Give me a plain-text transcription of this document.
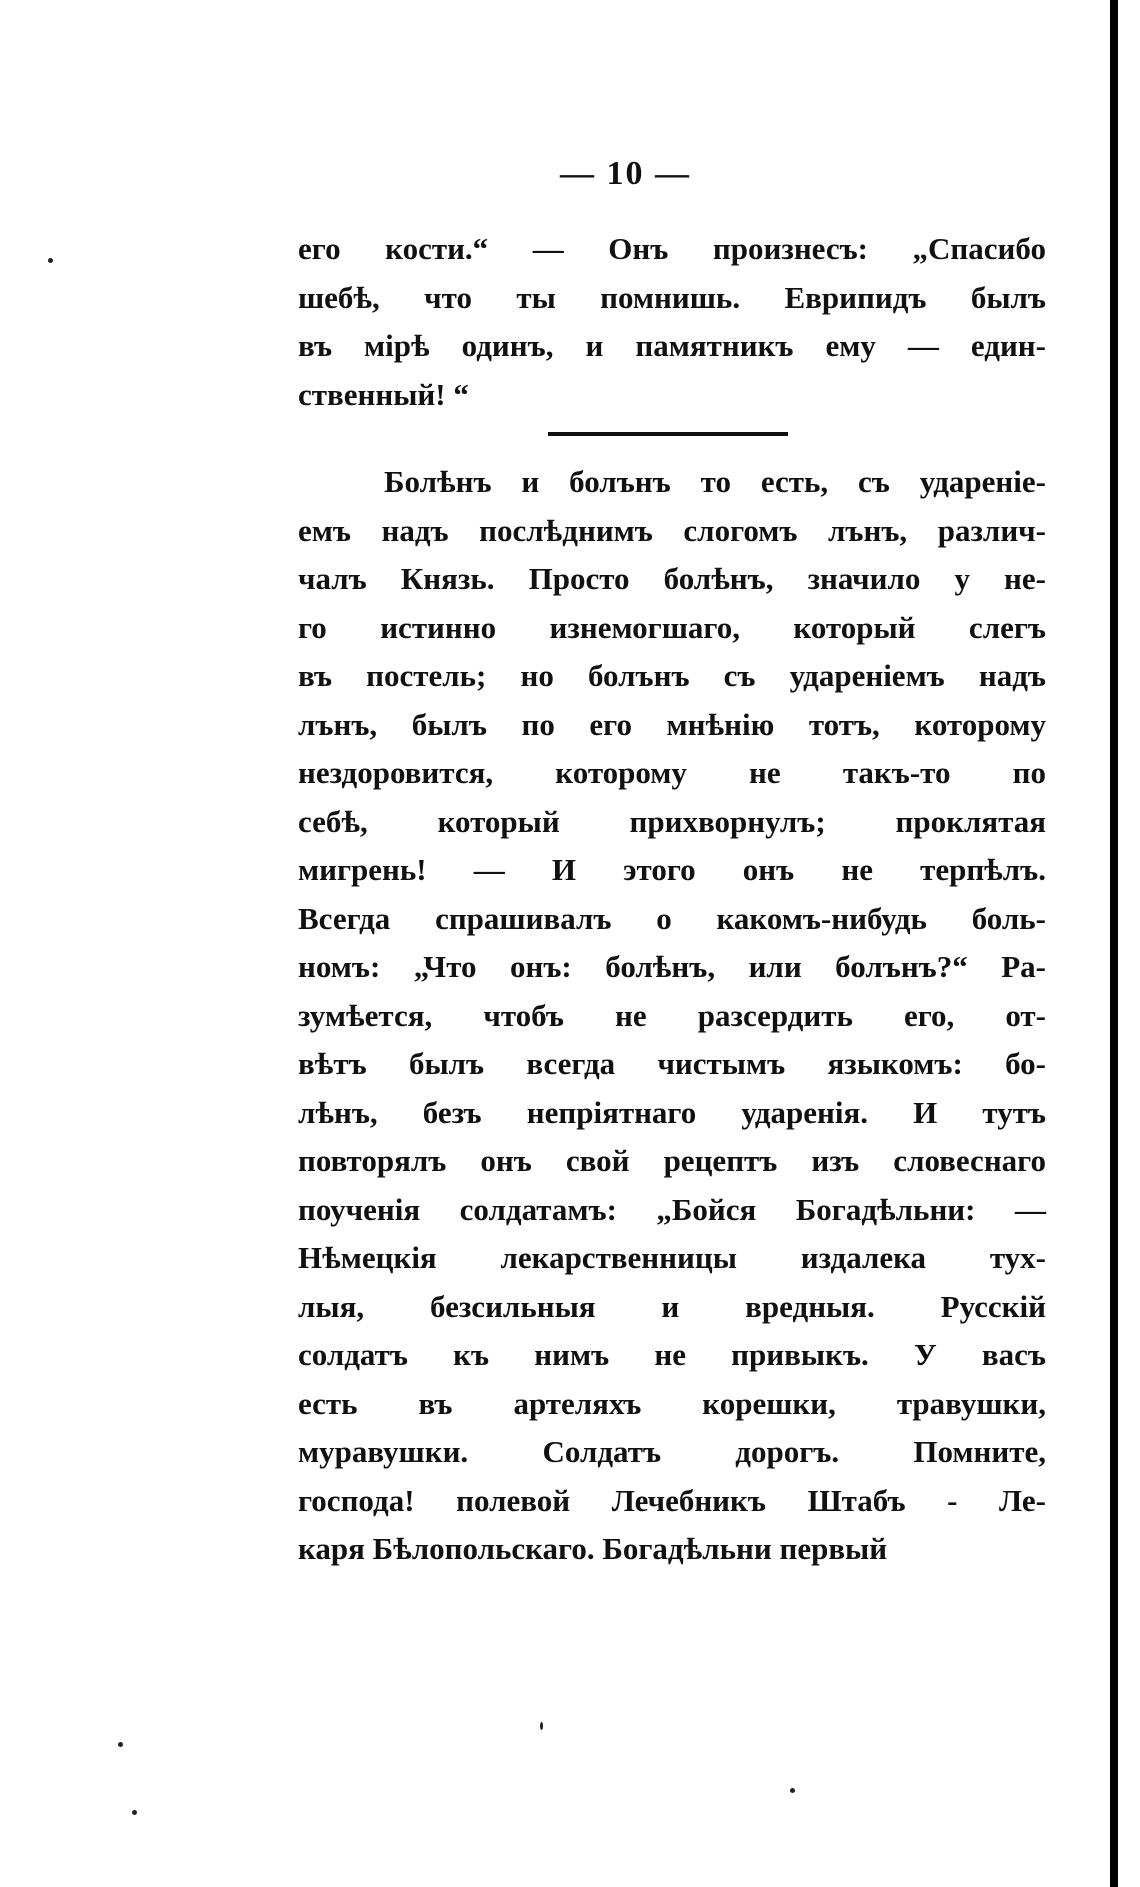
— 10 —
его кости.“ — Онъ произнесъ: „Спасибо
шебѣ, что ты помнишь. Еврипидъ былъ
въ мірѣ одинъ, и памятникъ ему — един-
ственный! “
Болѣнъ и болънъ то есть, съ удареніе-
емъ надъ послѣднимъ слогомъ лънъ, различ-
чалъ Князь. Просто болѣнъ, значило у не-
го истинно изнемогшаго, который слегъ
въ постель; но болънъ съ удареніемъ надъ
лънъ, былъ по его мнѣнію тотъ, которому
нездоровится, которому не такъ-то по
себѣ, который прихворнулъ; проклятая
мигрень! — И этого онъ не терпѣлъ.
Всегда спрашивалъ о какомъ-нибудь боль-
номъ: „Что онъ: болѣнъ, или болънъ?“ Ра-
зумѣется, чтобъ не разсердить его, от-
вѣтъ былъ всегда чистымъ языкомъ: бо-
лѣнъ, безъ непріятнаго ударенія. И тутъ
повторялъ онъ свой рецептъ изъ словеснаго
поученія солдатамъ: „Бойся Богадѣльни: —
Нѣмецкія лекарственницы издалека тух-
лыя, безсильныя и вредныя. Русскій
солдатъ къ нимъ не привыкъ. У васъ
есть въ артеляхъ корешки, травушки,
муравушки. Солдатъ дорогъ. Помните,
господа! полевой Лечебникъ Штабъ - Ле-
каря Бѣлопольскаго. Богадѣльни первый
